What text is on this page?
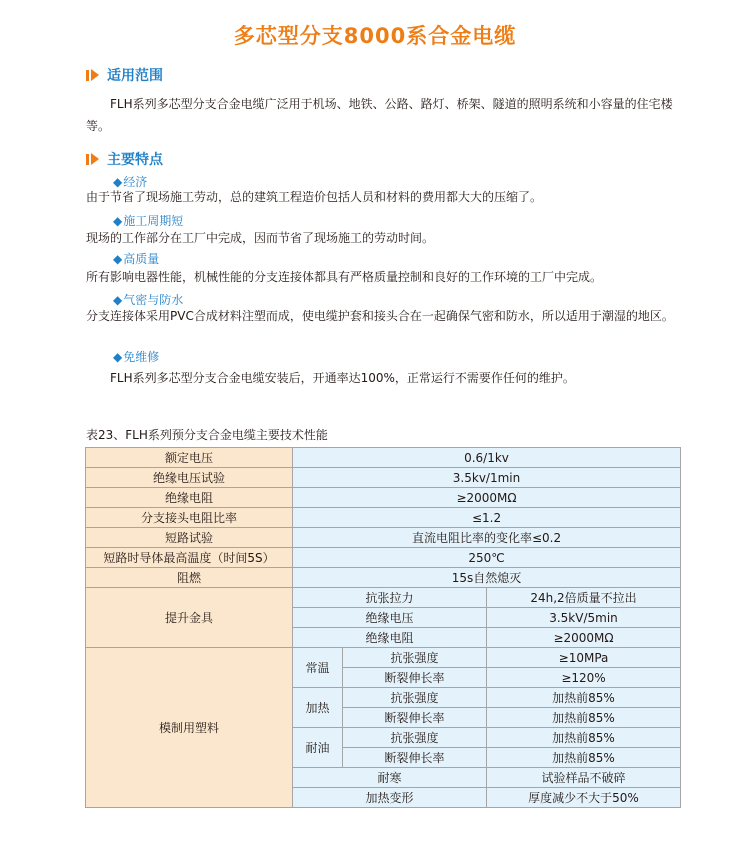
多芯型分支8000系合金电缆
适用范围
FLH系列多芯型分支合金电缆广泛用于机场、地铁、公路、路灯、桥架、隧道的照明系统和小容量的住宅楼等。
主要特点
◆经济
由于节省了现场施工劳动，总的建筑工程造价包括人员和材料的费用都大大的压缩了。
◆施工周期短
现场的工作部分在工厂中完成，因而节省了现场施工的劳动时间。
◆高质量
所有影响电器性能，机械性能的分支连接体都具有严格质量控制和良好的工作环境的工厂中完成。
◆气密与防水
分支连接体采用PVC合成材料注塑而成，使电缆护套和接头合在一起确保气密和防水，所以适用于潮湿的地区。
◆免维修
FLH系列多芯型分支合金电缆安装后，开通率达100%，正常运行不需要作任何的维护。
表23、FLH系列预分支合金电缆主要技术性能
额定电压	0.6/1kv		
绝缘电压试验	3.5kv/1min		
绝缘电阻	≥2000MΩ		
分支接头电阻比率	≤1.2		
短路试验	直流电阻比率的变化率≤0.2		
短路时导体最高温度（时间5S）	250℃		
阻燃	15s自然熄灭		
提升金具	抗张拉力		24h,2倍质量不拉出
	绝缘电压		3.5kV/5min
	绝缘电阻		≥2000MΩ
模制用塑料	常温	抗张强度	≥10MPa
		断裂伸长率	≥120%
	加热	抗张强度	加热前85%
		断裂伸长率	加热前85%
	耐油	抗张强度	加热前85%
		断裂伸长率	加热前85%
	耐寒		试验样品不破碎
	加热变形		厚度减少不大于50%
